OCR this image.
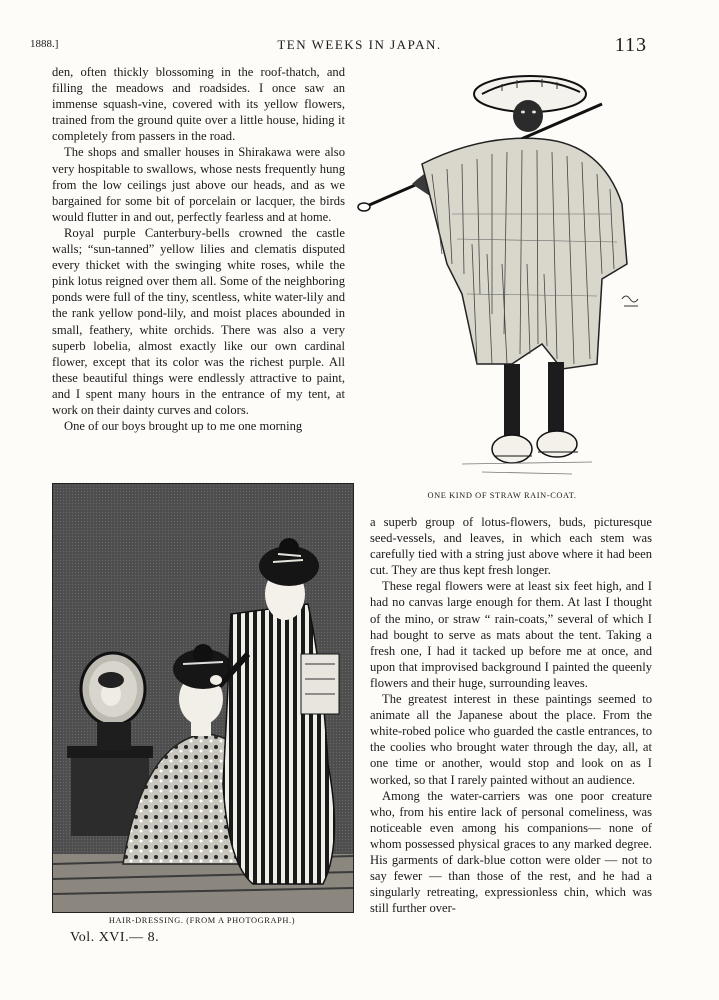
1888.]	TEN WEEKS IN JAPAN.	113

den, often thickly blossoming in the roof-thatch, and filling the meadows and roadsides. I once saw an immense squash-vine, covered with its yellow flowers, trained from the ground quite over a little house, hiding it completely from passers in the road.

The shops and smaller houses in Shirakawa were also very hospitable to swallows, whose nests frequently hung from the low ceilings just above our heads, and as we bargained for some bit of porcelain or lacquer, the birds would flutter in and out, perfectly fearless and at home.

Royal purple Canterbury-bells crowned the castle walls; “sun-tanned” yellow lilies and clematis disputed every thicket with the swinging white roses, while the pink lotus reigned over them all. Some of the neighboring ponds were full of the tiny, scentless, white water-lily and the rank yellow pond-lily, and moist places abounded in small, feathery, white orchids. There was also a very superb lobelia, almost exactly like our own cardinal flower, except that its color was the richest purple. All these beautiful things were endlessly attractive to paint, and I spent many hours in the entrance of my tent, at work on their dainty curves and colors.

One of our boys brought up to me one morning

ONE KIND OF STRAW RAIN-COAT.

a superb group of lotus-flowers, buds, picturesque seed-vessels, and leaves, in which each stem was carefully tied with a string just above where it had been cut. They are thus kept fresh longer.

These regal flowers were at least six feet high, and I had no canvas large enough for them. At last I thought of the mino, or straw “ rain-coats,” several of which I had bought to serve as mats about the tent. Taking a fresh one, I had it tacked up before me at once, and upon that improvised background I painted the queenly flowers and their huge, surrounding leaves.

The greatest interest in these paintings seemed to animate all the Japanese about the place. From the white-robed police who guarded the castle entrances, to the coolies who brought water through the day, all, at one time or another, would stop and look on as I worked, so that I rarely painted without an audience.

Among the water-carriers was one poor creature who, from his entire lack of personal comeliness, was noticeable even among his companions— none of whom possessed physical graces to any marked degree. His garments of dark-blue cotton were older — not to say fewer — than those of the rest, and he had a singularly retreating, expressionless chin, which was still further over-

HAIR-DRESSING. (FROM A PHOTOGRAPH.)
Vol. XVI.— 8.
